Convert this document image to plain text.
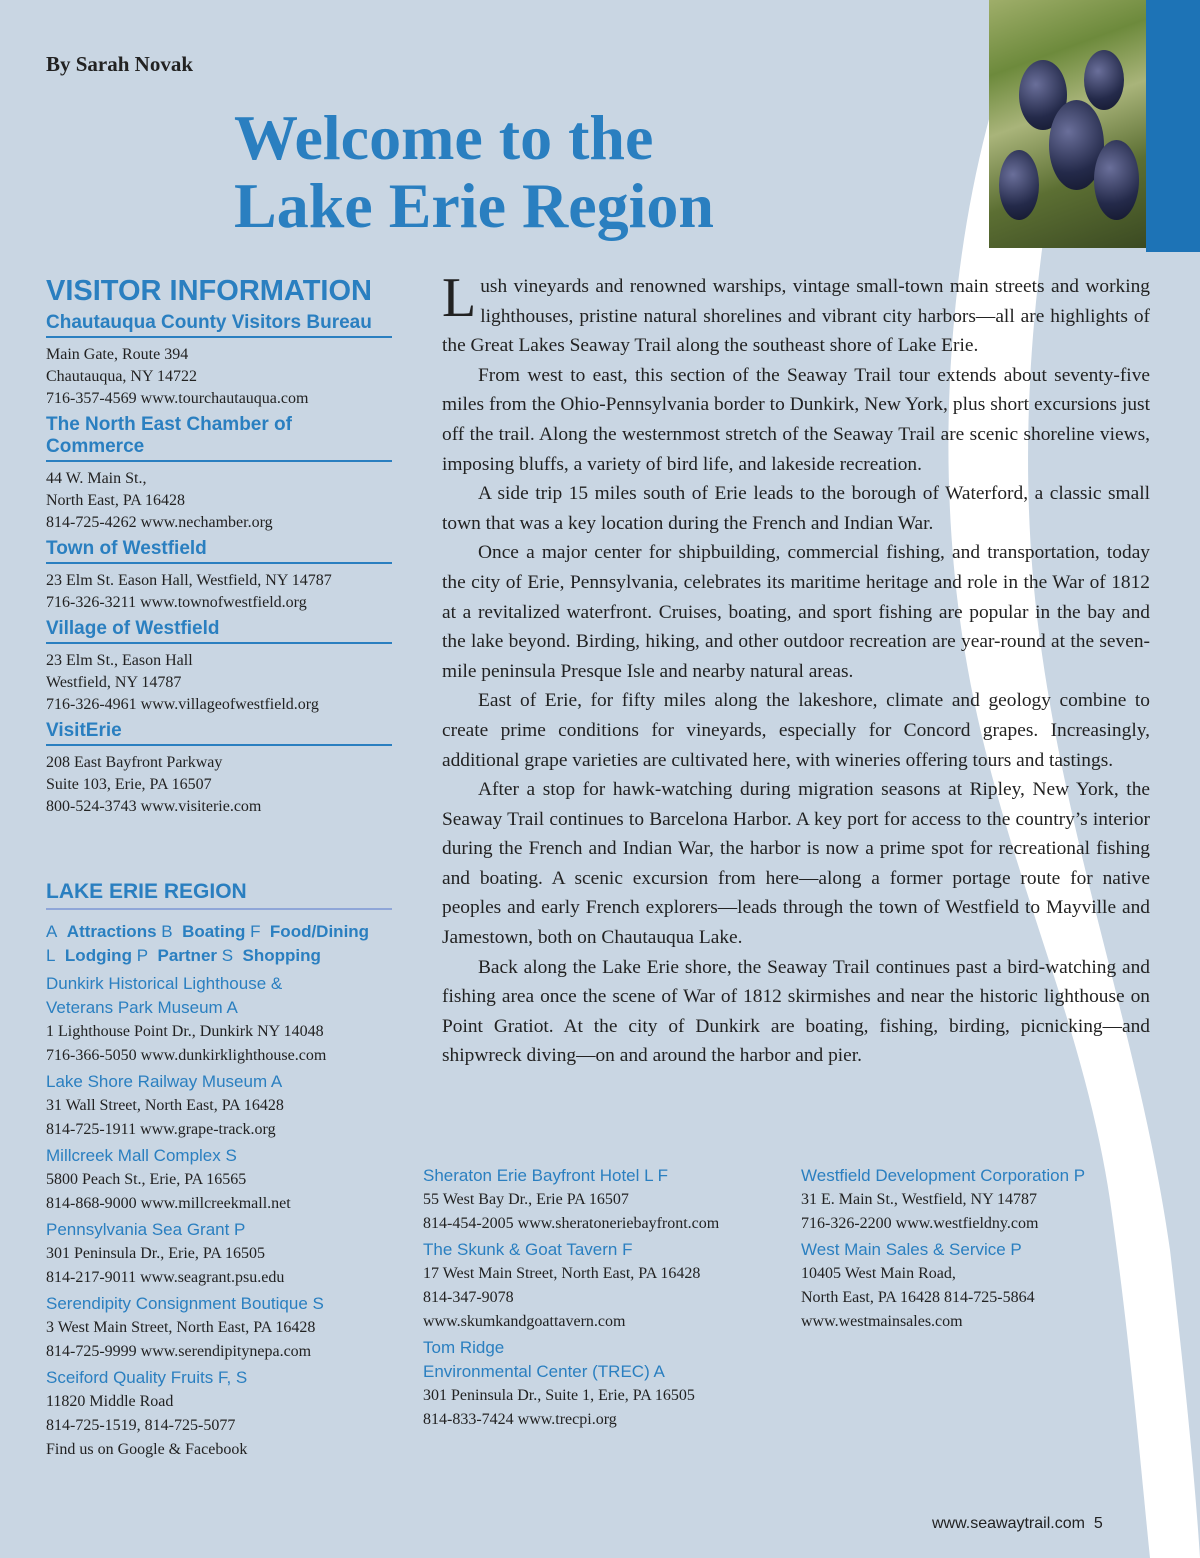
By Sarah Novak
Welcome to the
Lake Erie Region
VISITOR INFORMATION
Chautauqua County Visitors Bureau
Main Gate, Route 394
Chautauqua, NY 14722
716-357-4569 www.tourchautauqua.com
The North East Chamber of Commerce
44 W. Main St.,
North East, PA 16428
814-725-4262 www.nechamber.org
Town of Westfield
23 Elm St. Eason Hall, Westfield, NY 14787
716-326-3211 www.townofwestfield.org
Village of Westfield
23 Elm St., Eason Hall
Westfield, NY 14787
716-326-4961 www.villageofwestfield.org
VisitErie
208 East Bayfront Parkway
Suite 103, Erie, PA 16507
800-524-3743 www.visiterie.com
LAKE ERIE REGION
A Attractions B Boating F Food/Dining
L Lodging P Partner S Shopping
Dunkirk Historical Lighthouse &
Veterans Park Museum A
1 Lighthouse Point Dr., Dunkirk NY 14048
716-366-5050 www.dunkirklighthouse.com
Lake Shore Railway Museum A
31 Wall Street, North East, PA 16428
814-725-1911 www.grape-track.org
Millcreek Mall Complex S
5800 Peach St., Erie, PA 16565
814-868-9000 www.millcreekmall.net
Pennsylvania Sea Grant P
301 Peninsula Dr., Erie, PA 16505
814-217-9011 www.seagrant.psu.edu
Serendipity Consignment Boutique S
3 West Main Street, North East, PA 16428
814-725-9999 www.serendipitynepa.com
Sceiford Quality Fruits F, S
11820 Middle Road
814-725-1519, 814-725-5077
Find us on Google & Facebook
Sheraton Erie Bayfront Hotel L F
55 West Bay Dr., Erie PA 16507
814-454-2005 www.sheratoneriebayfront.com
The Skunk & Goat Tavern F
17 West Main Street, North East, PA 16428
814-347-9078
www.skumkandgoattavern.com
Tom Ridge
Environmental Center (TREC) A
301 Peninsula Dr., Suite 1, Erie, PA 16505
814-833-7424 www.trecpi.org
Westfield Development Corporation P
31 E. Main St., Westfield, NY 14787
716-326-2200 www.westfieldny.com
West Main Sales & Service P
10405 West Main Road,
North East, PA 16428 814-725-5864
www.westmainsales.com

Lush vineyards and renowned warships, vintage small-town main streets and working lighthouses, pristine natural shorelines and vibrant city harbors—all are highlights of the Great Lakes Seaway Trail along the southeast shore of Lake Erie.

From west to east, this section of the Seaway Trail tour extends about seventy-five miles from the Ohio-Pennsylvania border to Dunkirk, New York, plus short excursions just off the trail. Along the westernmost stretch of the Seaway Trail are scenic shoreline views, imposing bluffs, a variety of bird life, and lakeside recreation.

A side trip 15 miles south of Erie leads to the borough of Waterford, a classic small town that was a key location during the French and Indian War.

Once a major center for shipbuilding, commercial fishing, and transportation, today the city of Erie, Pennsylvania, celebrates its maritime heritage and role in the War of 1812 at a revitalized waterfront. Cruises, boating, and sport fishing are popular in the bay and the lake beyond. Birding, hiking, and other outdoor recreation are year-round at the seven-mile peninsula Presque Isle and nearby natural areas.

East of Erie, for fifty miles along the lakeshore, climate and geology combine to create prime conditions for vineyards, especially for Concord grapes. Increasingly, additional grape varieties are cultivated here, with wineries offering tours and tastings.

After a stop for hawk-watching during migration seasons at Ripley, New York, the Seaway Trail continues to Barcelona Harbor. A key port for access to the country’s interior during the French and Indian War, the harbor is now a prime spot for recreational fishing and boating. A scenic excursion from here—along a former portage route for native peoples and early French explorers—leads through the town of Westfield to Mayville and Jamestown, both on Chautauqua Lake.

Back along the Lake Erie shore, the Seaway Trail continues past a bird-watching and fishing area once the scene of War of 1812 skirmishes and near the historic lighthouse on Point Gratiot. At the city of Dunkirk are boating, fishing, birding, picnicking—and shipwreck diving—on and around the harbor and pier.

www.seawaytrail.com 5
